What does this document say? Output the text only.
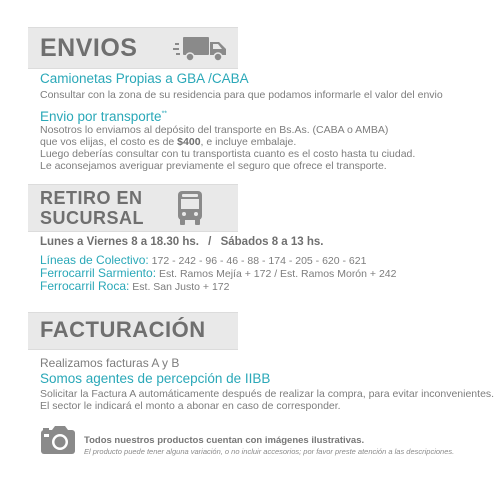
ENVIOS
Camionetas Propias a GBA /CABA
Consultar con la zona de su residencia para que podamos informarle el valor del envio
Envio por transporte**
Nosotros lo enviamos al depósito del transporte en Bs.As. (CABA o AMBA)
que vos elijas, el costo es de $400, e incluye embalaje.
Luego deberías consultar con tu transportista cuanto es el costo hasta tu ciudad.
Le aconsejamos averiguar previamente el seguro que ofrece el transporte.
RETIRO EN
SUCURSAL
Lunes a Viernes 8 a 18.30 hs. / Sábados 8 a 13 hs.
Líneas de Colectivo: 172 - 242 - 96 - 46 - 88 - 174 - 205 - 620 - 621
Ferrocarril Sarmiento: Est. Ramos Mejía + 172 / Est. Ramos Morón + 242
Ferrocarril Roca: Est. San Justo + 172
FACTURACIÓN
Realizamos facturas A y B
Somos agentes de percepción de IIBB
Solicitar la Factura A automáticamente después de realizar la compra, para evitar inconvenientes.
El sector le indicará el monto a abonar en caso de corresponder.
Todos nuestros productos cuentan con imágenes ilustrativas.
El producto puede tener alguna variación, o no incluir accesorios; por favor preste atención a las descripciones.
